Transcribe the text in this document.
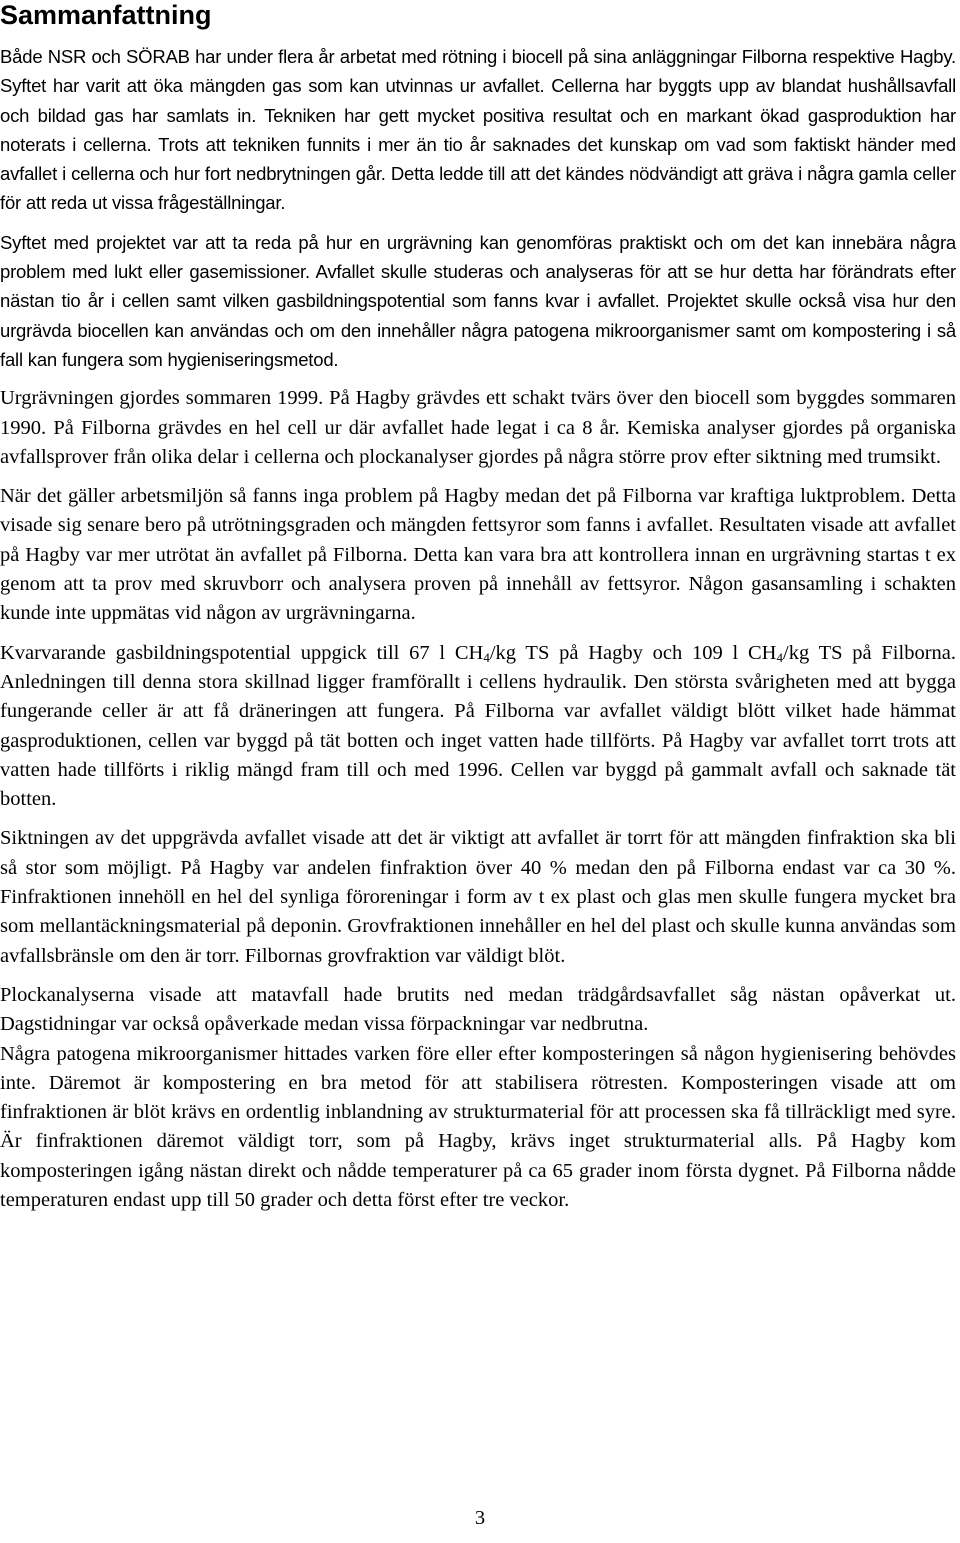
Sammanfattning

Både NSR och SÖRAB har under flera år arbetat med rötning i biocell på sina anläggningar Filborna respektive Hagby. Syftet har varit att öka mängden gas som kan utvinnas ur avfallet. Cellerna har byggts upp av blandat hushållsavfall och bildad gas har samlats in. Tekniken har gett mycket positiva resultat och en markant ökad gasproduktion har noterats i cellerna. Trots att tekniken funnits i mer än tio år saknades det kunskap om vad som faktiskt händer med avfallet i cellerna och hur fort nedbrytningen går. Detta ledde till att det kändes nödvändigt att gräva i några gamla celler för att reda ut vissa frågeställningar.

Syftet med projektet var att ta reda på hur en urgrävning kan genomföras praktiskt och om det kan innebära några problem med lukt eller gasemissioner. Avfallet skulle studeras och analyseras för att se hur detta har förändrats efter nästan tio år i cellen samt vilken gasbildningspotential som fanns kvar i avfallet. Projektet skulle också visa hur den urgrävda biocellen kan användas och om den innehåller några patogena mikroorganismer samt om kompostering i så fall kan fungera som hygieniseringsmetod.

Urgrävningen gjordes sommaren 1999. På Hagby grävdes ett schakt tvärs över den biocell som byggdes sommaren 1990. På Filborna grävdes en hel cell ur där avfallet hade legat i ca 8 år. Kemiska analyser gjordes på organiska avfallsprover från olika delar i cellerna och plockanalyser gjordes på några större prov efter siktning med trumsikt.

När det gäller arbetsmiljön så fanns inga problem på Hagby medan det på Filborna var kraftiga luktproblem. Detta visade sig senare bero på utrötningsgraden och mängden fettsyror som fanns i avfallet. Resultaten visade att avfallet på Hagby var mer utrötat än avfallet på Filborna. Detta kan vara bra att kontrollera innan en urgrävning startas t ex genom att ta prov med skruvborr och analysera proven på innehåll av fettsyror. Någon gasansamling i schakten kunde inte uppmätas vid någon av urgrävningarna.

Kvarvarande gasbildningspotential uppgick till 67 l $CH_4/kg$ TS på Hagby och 109 l $CH_4/kg$ TS på Filborna. Anledningen till denna stora skillnad ligger framförallt i cellens hydraulik. Den största svårigheten med att bygga fungerande celler är att få dräneringen att fungera. På Filborna var avfallet väldigt blött vilket hade hämmat gasproduktionen, cellen var byggd på tät botten och inget vatten hade tillförts. På Hagby var avfallet torrt trots att vatten hade tillförts i riklig mängd fram till och med 1996. Cellen var byggd på gammalt avfall och saknade tät botten.

Siktningen av det uppgrävda avfallet visade att det är viktigt att avfallet är torrt för att mängden finfraktion ska bli så stor som möjligt. På Hagby var andelen finfraktion över 40 % medan den på Filborna endast var ca 30 %. Finfraktionen innehöll en hel del synliga föroreningar i form av t ex plast och glas men skulle fungera mycket bra som mellantäckningsmaterial på deponin. Grovfraktionen innehåller en hel del plast och skulle kunna användas som avfallsbränsle om den är torr. Filbornas grovfraktion var väldigt blöt.

Plockanalyserna visade att matavfall hade brutits ned medan trädgårdsavfallet såg nästan opåverkat ut. Dagstidningar var också opåverkade medan vissa förpackningar var nedbrutna.

Några patogena mikroorganismer hittades varken före eller efter komposteringen så någon hygienisering behövdes inte. Däremot är kompostering en bra metod för att stabilisera rötresten. Komposteringen visade att om finfraktionen är blöt krävs en ordentlig inblandning av strukturmaterial för att processen ska få tillräckligt med syre. Är finfraktionen däremot väldigt torr, som på Hagby, krävs inget strukturmaterial alls. På Hagby kom komposteringen igång nästan direkt och nådde temperaturer på ca 65 grader inom första dygnet. På Filborna nådde temperaturen endast upp till 50 grader och detta först efter tre veckor.

3
